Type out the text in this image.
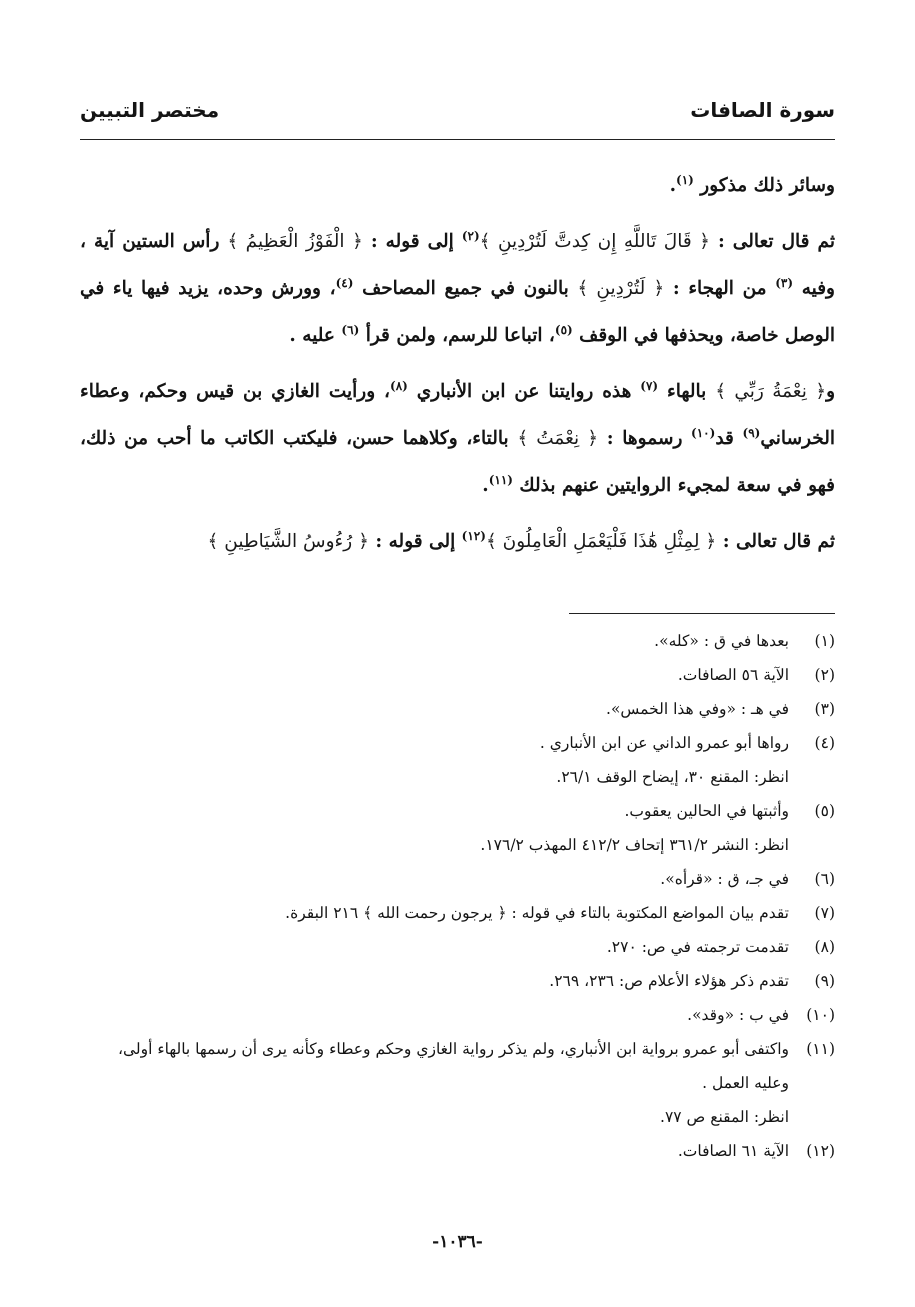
سورة الصافات
مختصر التبيين

وسائر ذلك مذكور $^{(١)}$.

ثم قال تعالى : ﴿ قَالَ تَاللَّهِ إِن كِدتَّ لَتُرْدِينِ ﴾$^{(٢)}$ إلى قوله : ﴿ الْفَوْزُ الْعَظِيمُ ﴾ رأس الستين آية ، وفيه $^{(٣)}$ من الهجاء : ﴿ لَتُرْدِينِ ﴾ بالنون في جميع المصاحف $^{(٤)}$، وورش وحده، يزيد فيها ياء في الوصل خاصة، ويحذفها في الوقف $^{(٥)}$، اتباعا للرسم، ولمن قرأ $^{(٦)}$ عليه .

و﴿ نِعْمَةُ رَبِّي ﴾ بالهاء $^{(٧)}$ هذه روايتنا عن ابن الأنباري $^{(٨)}$، ورأيت الغازي بن قيس وحكم، وعطاء الخرساني$^{(٩)}$ قد$^{(١٠)}$ رسموها : ﴿ نِعْمَتُ ﴾ بالتاء، وكلاهما حسن، فليكتب الكاتب ما أحب من ذلك، فهو في سعة لمجيء الروايتين عنهم بذلك $^{(١١)}$.

ثم قال تعالى : ﴿ لِمِثْلِ هَٰذَا فَلْيَعْمَلِ الْعَامِلُونَ ﴾$^{(١٢)}$ إلى قوله : ﴿ رُءُوسُ الشَّيَاطِينِ ﴾

(١)
بعدها في ق : «كله».

(٢)
الآية ٥٦ الصافات.

(٣)
في هـ : «وفي هذا الخمس».

(٤)
رواها أبو عمرو الداني عن ابن الأنباري .

انظر: المقنع ٣٠، إيضاح الوقف ٢٦/١.

(٥)
وأثبتها في الحالين يعقوب.

انظر: النشر ٣٦١/٢ إتحاف ٤١٢/٢ المهذب ١٧٦/٢.

(٦)
في جـ، ق : «قرأه».

(٧)
تقدم بيان المواضع المكتوبة بالتاء في قوله : ﴿ يرجون رحمت الله ﴾ ٢١٦ البقرة.

(٨)
تقدمت ترجمته في ص: ٢٧٠.

(٩)
تقدم ذكر هؤلاء الأعلام ص: ٢٣٦، ٢٦٩.

(١٠)
في ب : «وقد».

(١١)
واكتفى أبو عمرو برواية ابن الأنباري، ولم يذكر رواية الغازي وحكم وعطاء وكأنه يرى أن رسمها بالهاء أولى، وعليه العمل .

انظر: المقنع ص ٧٧.

(١٢)
الآية ٦١ الصافات.

-١٠٣٦-
